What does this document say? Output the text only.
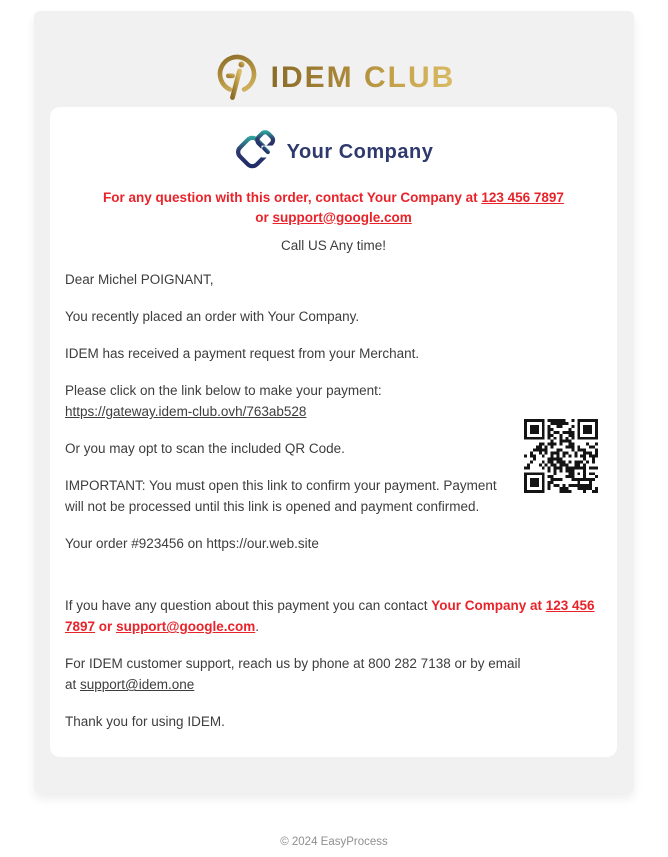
IDEM CLUB
Your Company
For any question with this order, contact Your Company at 123 456 7897 or support@google.com
Call US Any time!

Dear Michel POIGNANT,

You recently placed an order with Your Company.

IDEM has received a payment request from your Merchant.

Please click on the link below to make your payment:
https://gateway.idem-club.ovh/763ab528

Or you may opt to scan the included QR Code.

IMPORTANT: You must open this link to confirm your payment. Payment will not be processed until this link is opened and payment confirmed.

Your order #923456 on https://our.web.site

If you have any question about this payment you can contact Your Company at 123 456 7897 or support@google.com.

For IDEM customer support, reach us by phone at 800 282 7138 or by email
at support@idem.one

Thank you for using IDEM.

© 2024 EasyProcess
